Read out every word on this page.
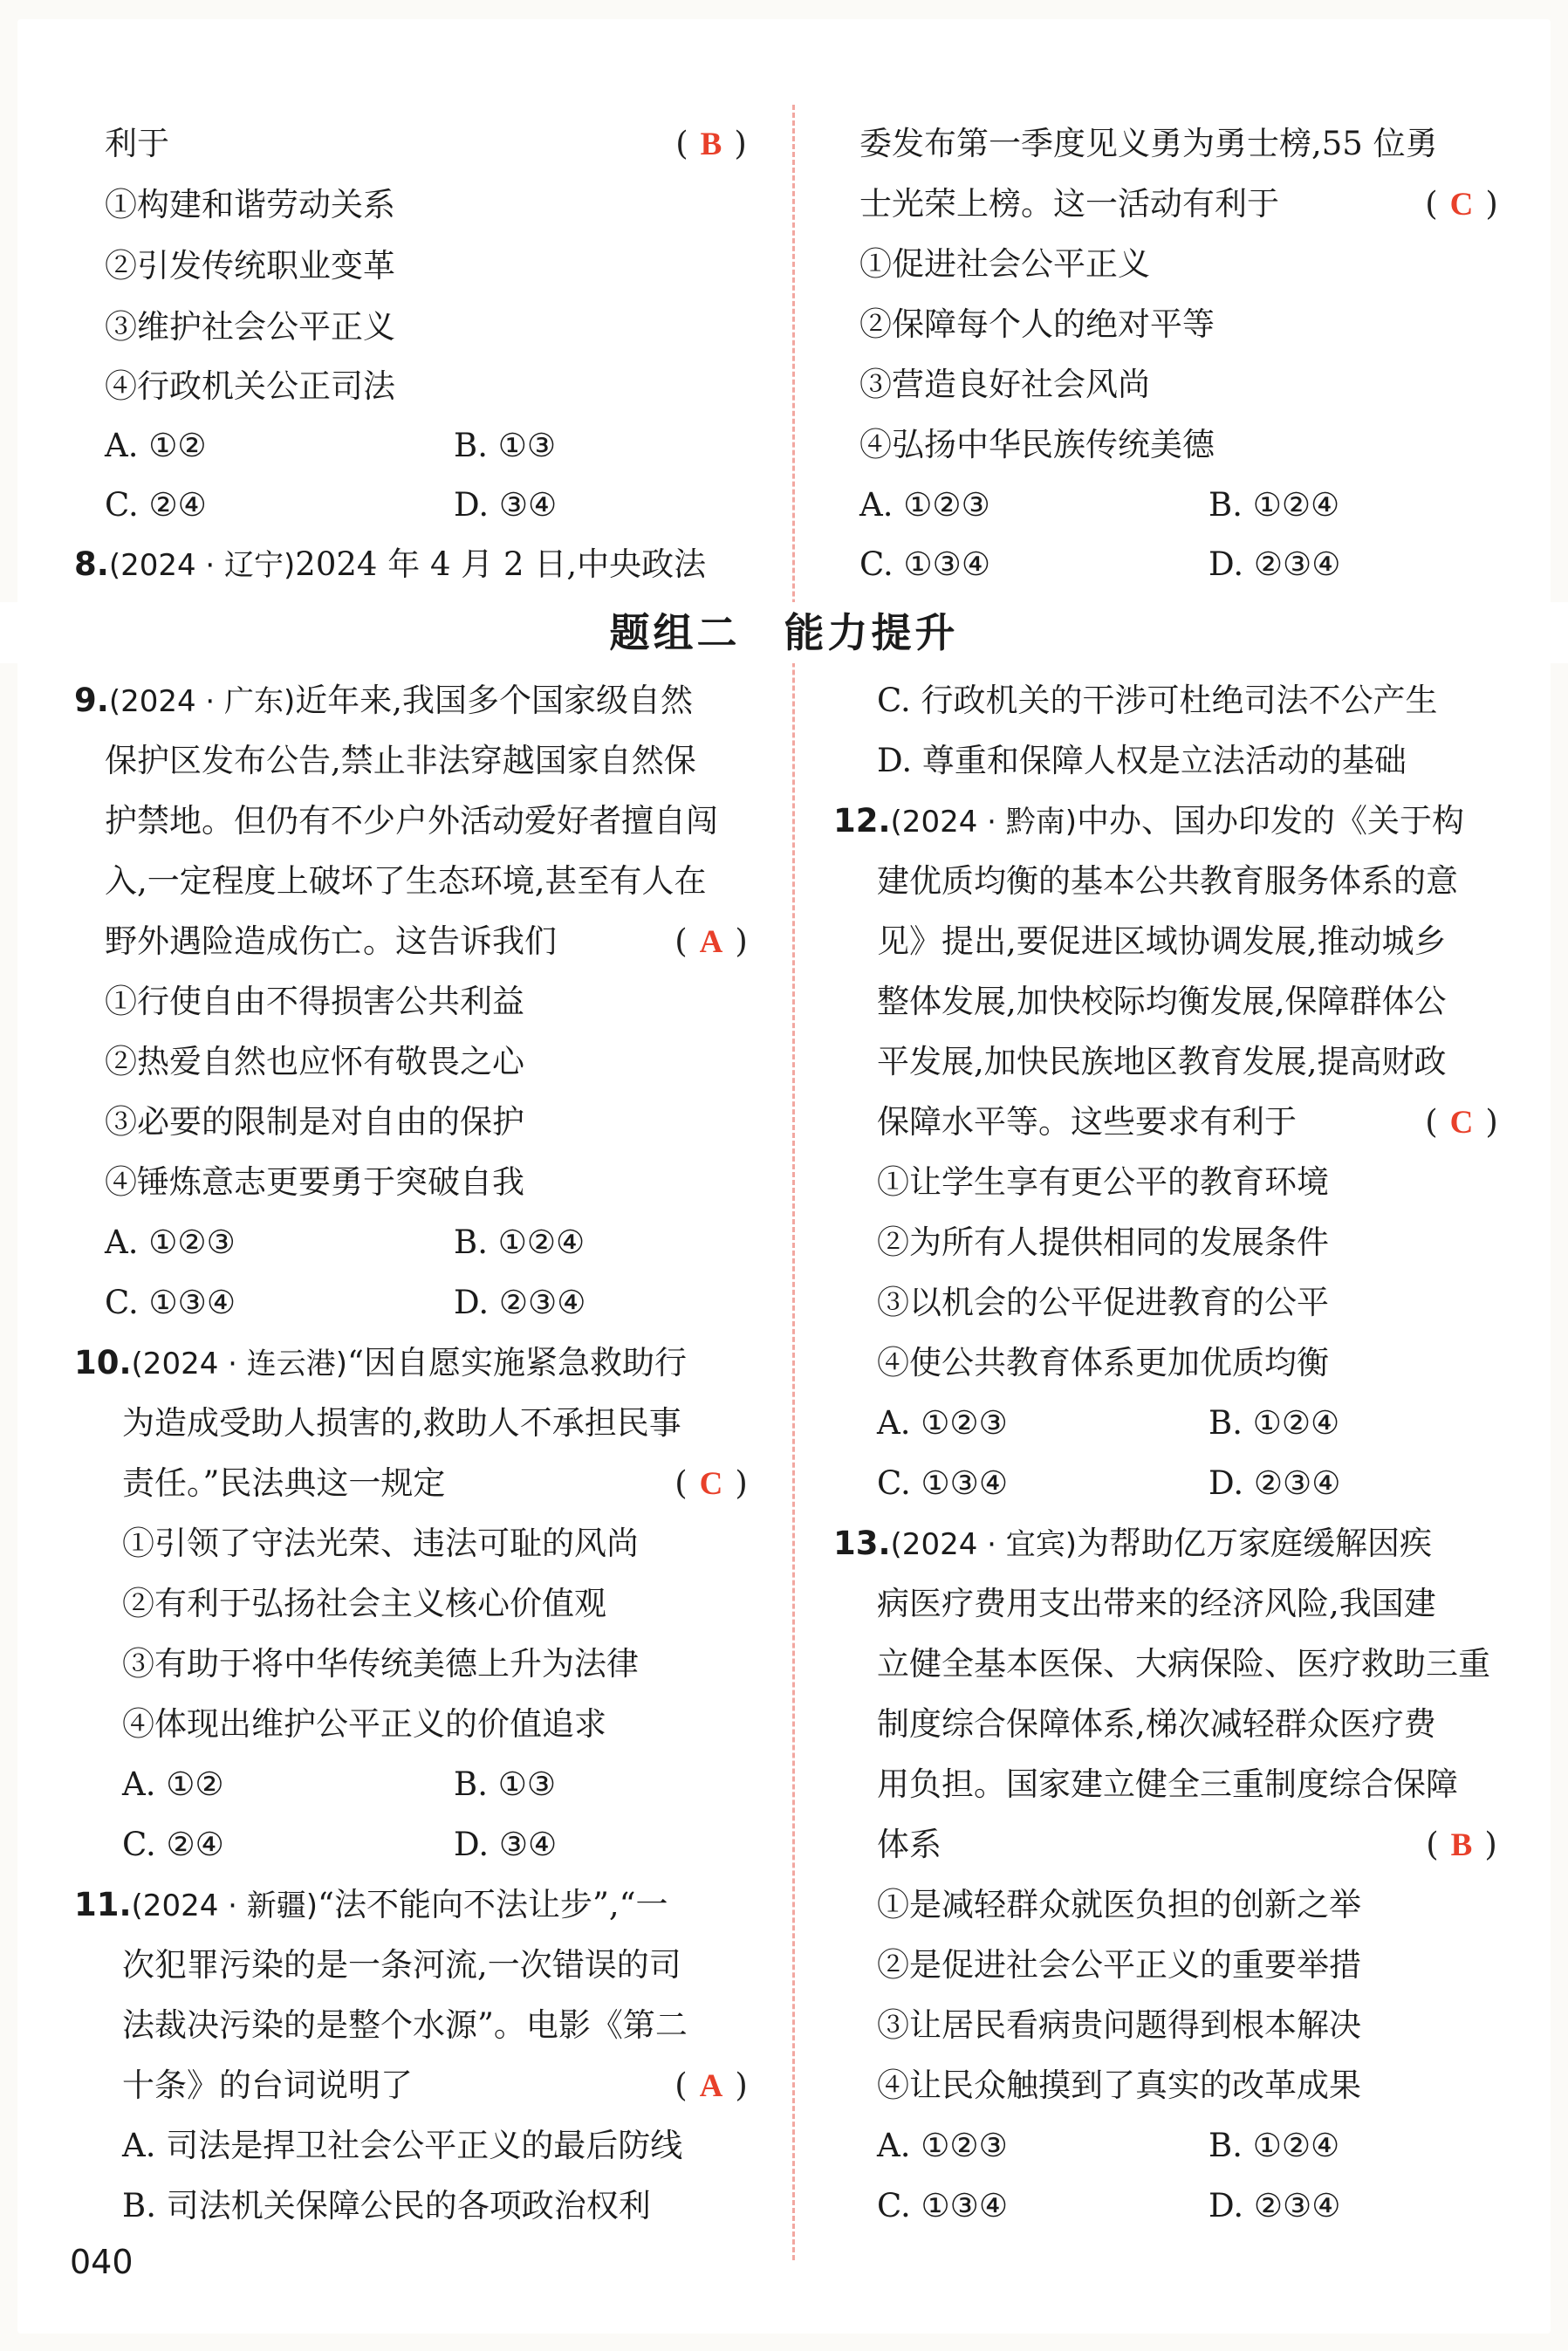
利于	( B )
①构建和谐劳动关系
②引发传统职业变革
③维护社会公平正义
④行政机关公正司法
A. ①②	B. ①③
C. ②④	D. ③④
8.(2024 · 辽宁)2024 年 4 月 2 日,中央政法
9.(2024 · 广东)近年来,我国多个国家级自然
保护区发布公告,禁止非法穿越国家自然保
护禁地。但仍有不少户外活动爱好者擅自闯
入,一定程度上破坏了生态环境,甚至有人在
野外遇险造成伤亡。这告诉我们	( A )
①行使自由不得损害公共利益
②热爱自然也应怀有敬畏之心
③必要的限制是对自由的保护
④锤炼意志更要勇于突破自我
A. ①②③	B. ①②④
C. ①③④	D. ②③④
10.(2024 · 连云港)“因自愿实施紧急救助行
为造成受助人损害的,救助人不承担民事
责任。”民法典这一规定	( C )
①引领了守法光荣、违法可耻的风尚
②有利于弘扬社会主义核心价值观
③有助于将中华传统美德上升为法律
④体现出维护公平正义的价值追求
A. ①②	B. ①③
C. ②④	D. ③④
11.(2024 · 新疆)“法不能向不法让步”,“一
次犯罪污染的是一条河流,一次错误的司
法裁决污染的是整个水源”。电影《第二
十条》的台词说明了	( A )
A. 司法是捍卫社会公平正义的最后防线
B. 司法机关保障公民的各项政治权利
委发布第一季度见义勇为勇士榜,55 位勇
士光荣上榜。这一活动有利于	( C )
①促进社会公平正义
②保障每个人的绝对平等
③营造良好社会风尚
④弘扬中华民族传统美德
A. ①②③	B. ①②④
C. ①③④	D. ②③④
C. 行政机关的干涉可杜绝司法不公产生
D. 尊重和保障人权是立法活动的基础
12.(2024 · 黔南)中办、国办印发的《关于构
建优质均衡的基本公共教育服务体系的意
见》提出,要促进区域协调发展,推动城乡
整体发展,加快校际均衡发展,保障群体公
平发展,加快民族地区教育发展,提高财政
保障水平等。这些要求有利于	( C )
①让学生享有更公平的教育环境
②为所有人提供相同的发展条件
③以机会的公平促进教育的公平
④使公共教育体系更加优质均衡
A. ①②③	B. ①②④
C. ①③④	D. ②③④
13.(2024 · 宜宾)为帮助亿万家庭缓解因疾
病医疗费用支出带来的经济风险,我国建
立健全基本医保、大病保险、医疗救助三重
制度综合保障体系,梯次减轻群众医疗费
用负担。国家建立健全三重制度综合保障
体系	( B )
①是减轻群众就医负担的创新之举
②是促进社会公平正义的重要举措
③让居民看病贵问题得到根本解决
④让民众触摸到了真实的改革成果
A. ①②③	B. ①②④
C. ①③④	D. ②③④
题组二　能力提升
040
